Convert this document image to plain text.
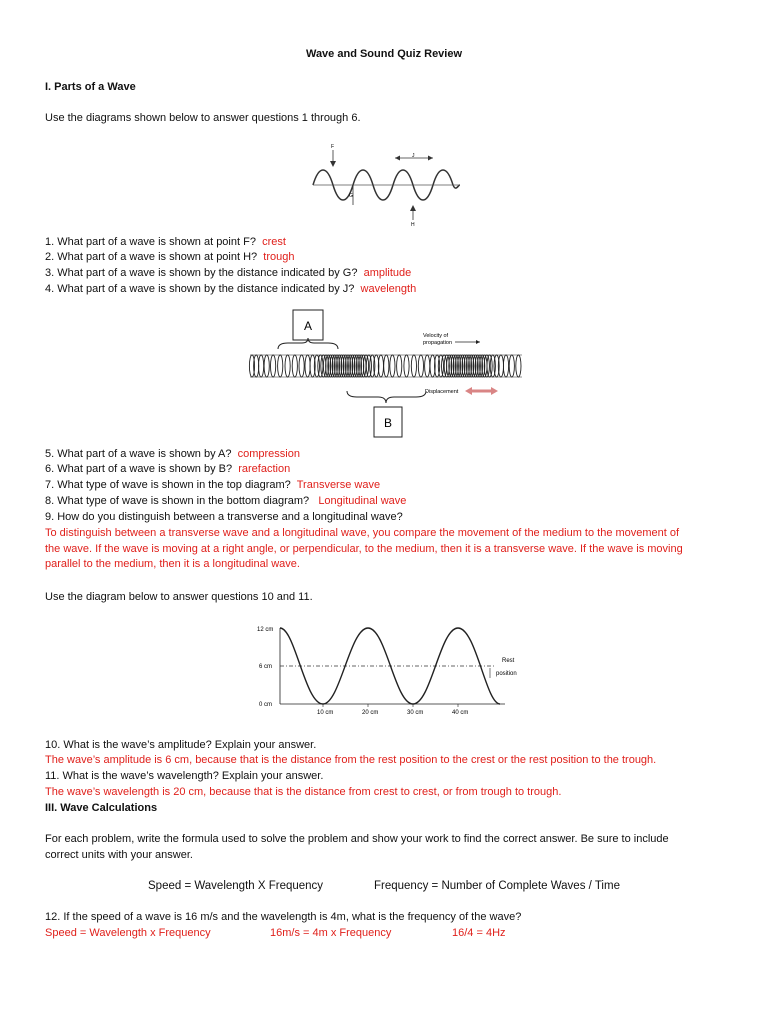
Wave and Sound Quiz Review
I. Parts of a Wave
Use the diagrams shown below to answer questions 1 through 6.
F
G
J
H
1. What part of a wave is shown at point F? crest
2. What part of a wave is shown at point H? trough
3. What part of a wave is shown by the distance indicated by G? amplitude
4. What part of a wave is shown by the distance indicated by J? wavelength
A
Velocity of
propagation
Displacement
B
5. What part of a wave is shown by A? compression
6. What part of a wave is shown by B? rarefaction
7. What type of wave is shown in the top diagram? Transverse wave
8. What type of wave is shown in the bottom diagram? Longitudinal wave
9. How do you distinguish between a transverse and a longitudinal wave?
To distinguish between a transverse wave and a longitudinal wave, you compare the movement of the medium to the movement of
the wave. If the wave is moving at a right angle, or perpendicular, to the medium, then it is a transverse wave. If the wave is moving
parallel to the medium, then it is a longitudinal wave.
Use the diagram below to answer questions 10 and 11.
12 cm
6 cm
0 cm
10 cm	20 cm	30 cm	40 cm
Rest
position
10. What is the wave’s amplitude? Explain your answer.
The wave’s amplitude is 6 cm, because that is the distance from the rest position to the crest or the rest position to the trough.
11. What is the wave’s wavelength? Explain your answer.
The wave’s wavelength is 20 cm, because that is the distance from crest to crest, or from trough to trough.
III. Wave Calculations
For each problem, write the formula used to solve the problem and show your work to find the correct answer. Be sure to include
correct units with your answer.
Speed = Wavelength X Frequency	Frequency = Number of Complete Waves / Time
12. If the speed of a wave is 16 m/s and the wavelength is 4m, what is the frequency of the wave?
Speed = Wavelength x Frequency	16m/s = 4m x Frequency	16/4 = 4Hz
